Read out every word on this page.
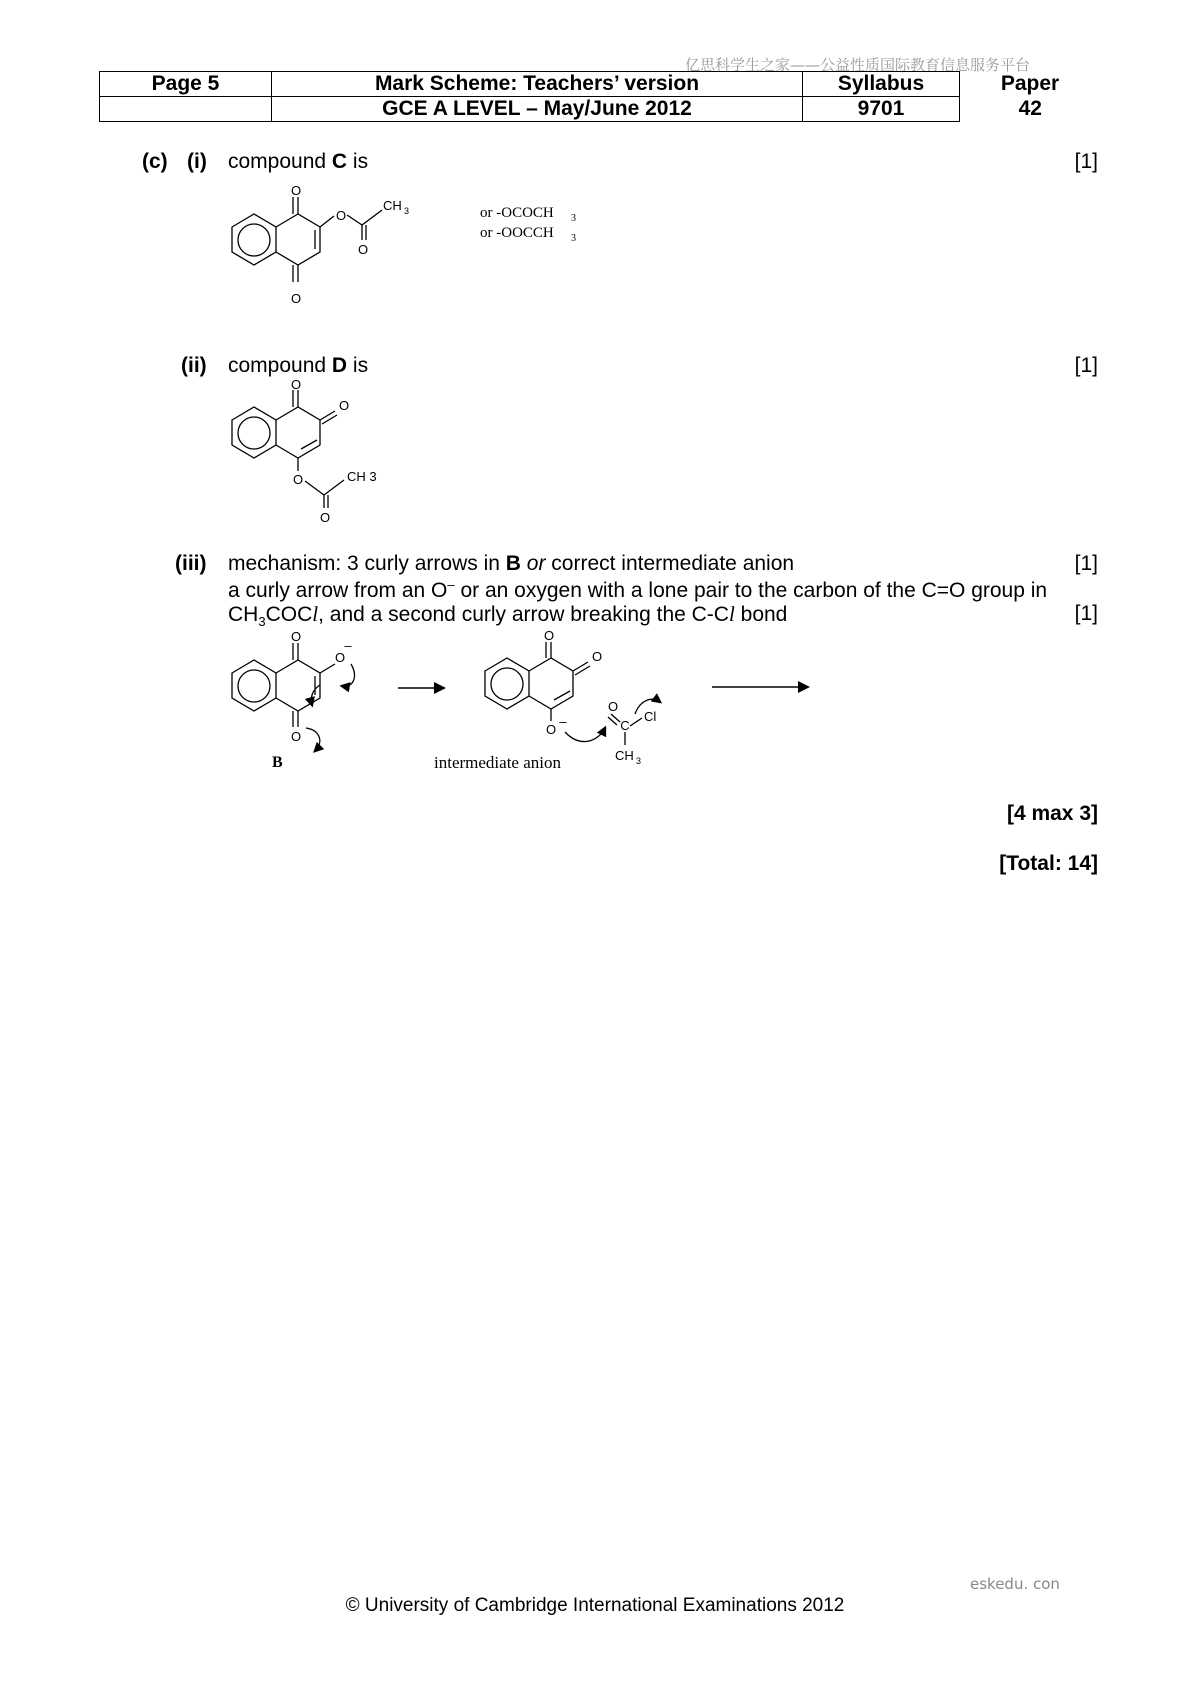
亿思科学生之家——公益性质国际教育信息服务平台
Page 5	Mark Scheme: Teachers’ version	Syllabus	Paper
	GCE A LEVEL – May/June 2012	9701	42
(c) (i) compound C is	[1]
O
O
O
O
CH 3	or -OCOCH 3
or -OOCCH 3
(ii) compound D is	[1]
O
O
O
O
CH 3
(iii) mechanism: 3 curly arrows in B or correct intermediate anion	[1]
a curly arrow from an O– or an oxygen with a lone pair to the carbon of the C=O group in
$CH_3COCl$, and a second curly arrow breaking the C-Cl bond	[1]
O
O
–
O
B
O
O
O
–
O
C
Cl
CH 3
intermediate anion
[4 max 3]
[Total: 14]
eskedu. con
© University of Cambridge International Examinations 2012
